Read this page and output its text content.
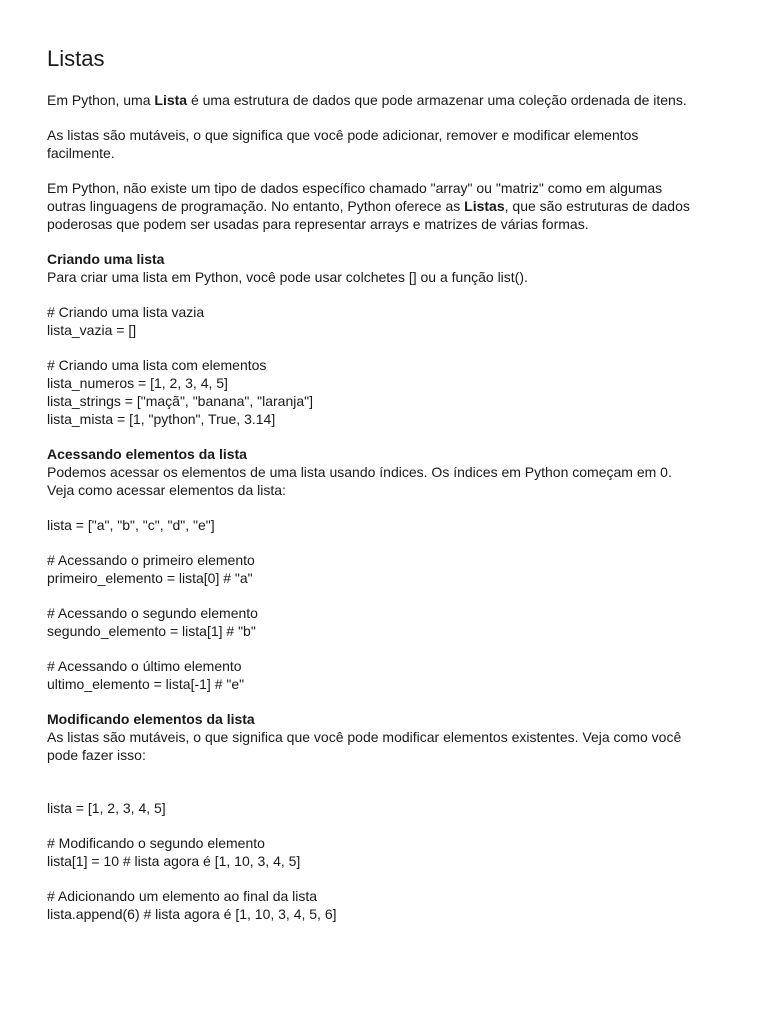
Listas

Em Python, uma Lista é uma estrutura de dados que pode armazenar uma coleção ordenada de itens.

As listas são mutáveis, o que significa que você pode adicionar, remover e modificar elementos
facilmente.

Em Python, não existe um tipo de dados específico chamado "array" ou "matriz" como em algumas
outras linguagens de programação. No entanto, Python oferece as Listas, que são estruturas de dados
poderosas que podem ser usadas para representar arrays e matrizes de várias formas.

Criando uma lista

Para criar uma lista em Python, você pode usar colchetes [] ou a função list().

# Criando uma lista vazia

lista_vazia = []

# Criando uma lista com elementos

lista_numeros = [1, 2, 3, 4, 5]

lista_strings = ["maçã", "banana", "laranja"]

lista_mista = [1, "python", True, 3.14]

Acessando elementos da lista

Podemos acessar os elementos de uma lista usando índices. Os índices em Python começam em 0.
Veja como acessar elementos da lista:

lista = ["a", "b", "c", "d", "e"]

# Acessando o primeiro elemento

primeiro_elemento = lista[0] # "a"

# Acessando o segundo elemento

segundo_elemento = lista[1] # "b"

# Acessando o último elemento

ultimo_elemento = lista[-1] # "e"

Modificando elementos da lista

As listas são mutáveis, o que significa que você pode modificar elementos existentes. Veja como você
pode fazer isso:

lista = [1, 2, 3, 4, 5]

# Modificando o segundo elemento

lista[1] = 10 # lista agora é [1, 10, 3, 4, 5]

# Adicionando um elemento ao final da lista

lista.append(6) # lista agora é [1, 10, 3, 4, 5, 6]
